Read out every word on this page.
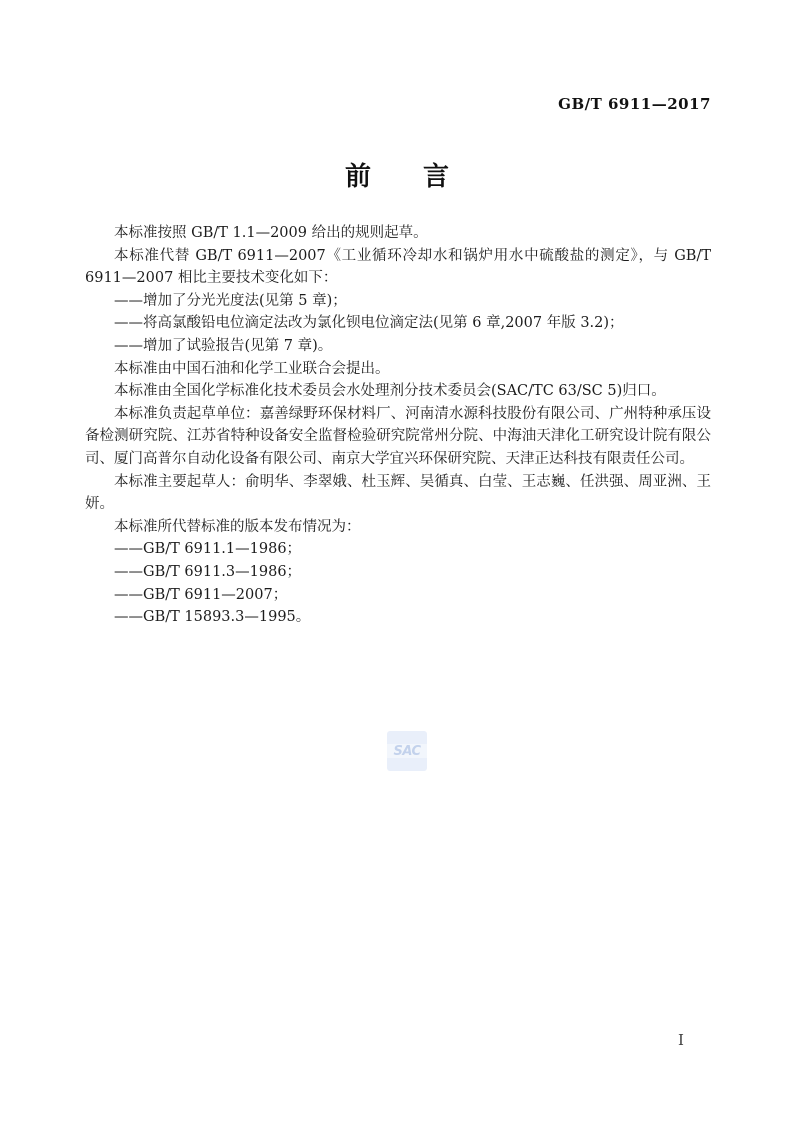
GB/T 6911—2017
前　　言

本标准按照 GB/T 1.1—2009 给出的规则起草。

本标准代替 GB/T 6911—2007《工业循环冷却水和锅炉用水中硫酸盐的测定》，与 GB/T 6911—2007 相比主要技术变化如下：

——增加了分光光度法(见第 5 章)；

——将高氯酸铅电位滴定法改为氯化钡电位滴定法(见第 6 章,2007 年版 3.2)；

——增加了试验报告(见第 7 章)。

本标准由中国石油和化学工业联合会提出。

本标准由全国化学标准化技术委员会水处理剂分技术委员会(SAC/TC 63/SC 5)归口。

本标准负责起草单位：嘉善绿野环保材料厂、河南清水源科技股份有限公司、广州特种承压设备检测研究院、江苏省特种设备安全监督检验研究院常州分院、中海油天津化工研究设计院有限公司、厦门高普尔自动化设备有限公司、南京大学宜兴环保研究院、天津正达科技有限责任公司。

本标准主要起草人：俞明华、李翠娥、杜玉辉、吴循真、白莹、王志巍、任洪强、周亚洲、王妍。

本标准所代替标准的版本发布情况为：

——GB/T 6911.1—1986；

——GB/T 6911.3—1986；

——GB/T 6911—2007；

——GB/T 15893.3—1995。

SAC
I
